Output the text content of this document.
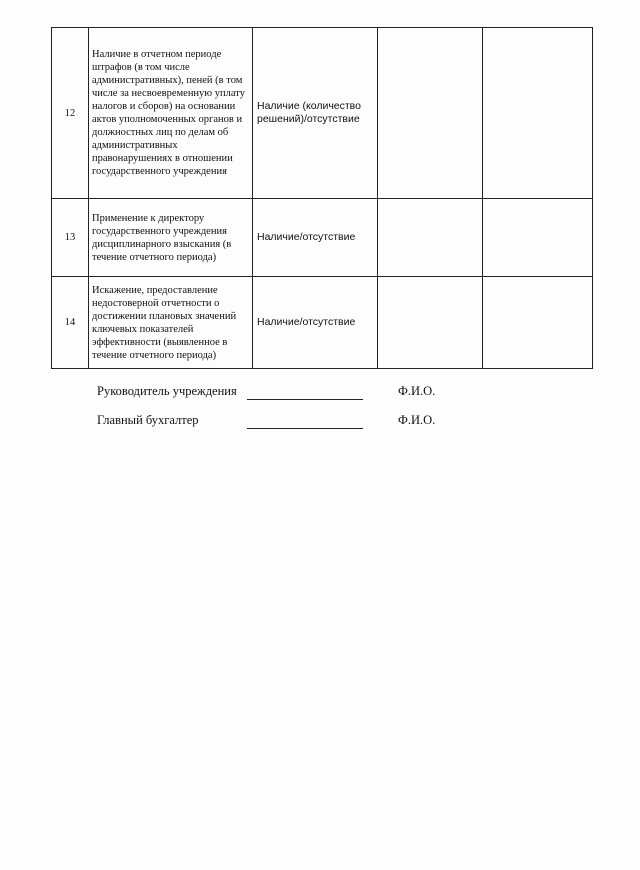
12	Наличие в отчетном периоде штрафов (в том числе административных), пеней (в том числе за несвоевременную уплату налогов и сборов) на основании актов уполномоченных органов и должностных лиц по делам об административных правонарушениях в отношении государственного учреждения	Наличие (количество решений)/отсутствие		
13	Применение к директору государственного учреждения дисциплинарного взыскания (в течение отчетного периода)	Наличие/отсутствие		
14	Искажение, предоставление недостоверной отчетности о достижении плановых значений ключевых показателей эффективности (выявленное в течение отчетного периода)	Наличие/отсутствие		
Руководитель учреждения	Ф.И.О.
Главный бухгалтер	Ф.И.О.
